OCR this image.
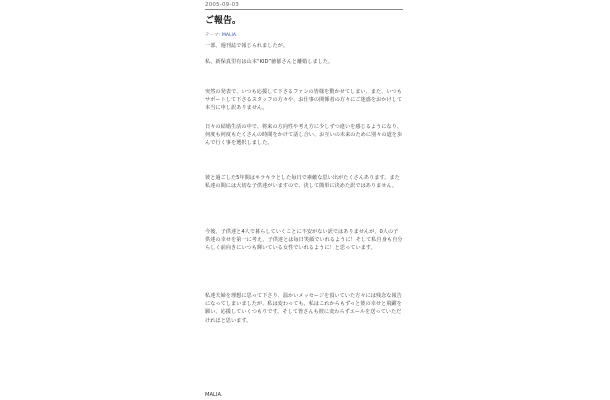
2005-09-03
ご報告。
テーマ: MALIA.
一部、週刊誌で報じられましたが。
私、新保真里有は山本“KID”徳郁さんと離婚しました。
突然の発表で、いつも応援して下さるファンの皆様を驚かせてしまい、また、いつもサポートして下さるスタッフの方々や、お仕事の関係者の方々にご迷惑をおかけして本当に申し訳ありません。
日々の結婚生活の中で、将来の方向性や考え方に少しずつ違いを感じるようになり、何度も何度もたくさんの時間をかけて話し合い、お互いの未来のために別々の道を歩んで行く事を選択しました。
彼と過ごした5年間はキラキラとした毎日で素敵な思い出がたくさんあります。また私達の間には大切な子供達がいますので、決して簡単に決めた訳ではありません。
今後、子供達と4人で暮らしていくことに不安がない訳ではありませんが、0人の子供達の幸せを第一に考え、子供達とは毎日笑顔でいれるように！そして私自身も自分らしく前向きにいつも輝いている女性でいれるように！と思っています。
私達夫婦を理想に思って下さり、温かいメッセージを頂いていた方々には残念な報告になってしまいましたが、私は変わっても、私はこれからもずっと彼の幸せと飛躍を願い、応援していくつもりです。そして皆さんも彼に変わらずエールを送っていただければと思います。
MALIA.
